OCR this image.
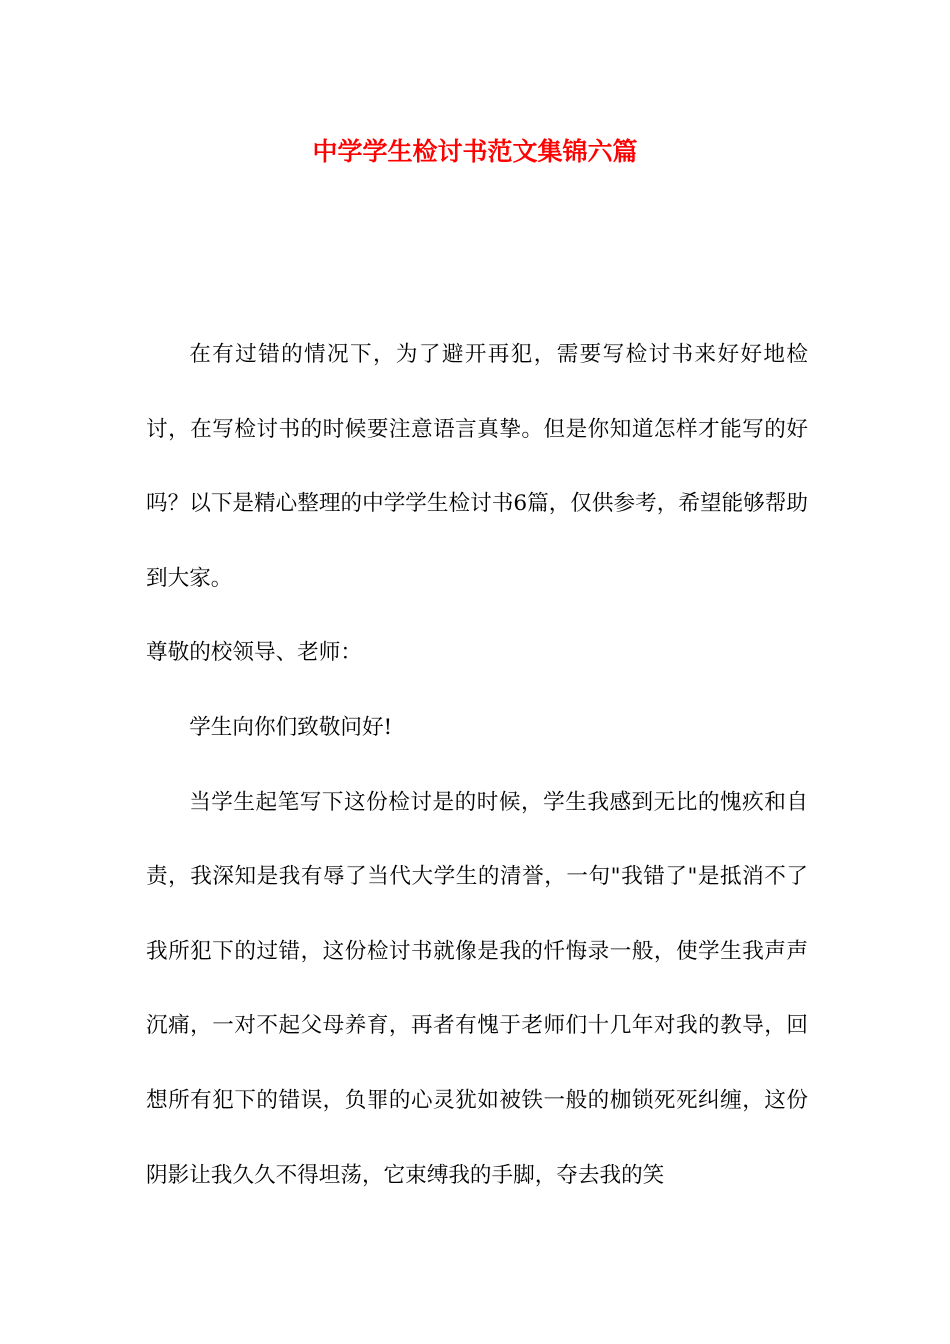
中学学生检讨书范文集锦六篇

在有过错的情况下，为了避开再犯，需要写检讨书来好好地检讨，在写检讨书的时候要注意语言真挚。但是你知道怎样才能写的好吗？以下是精心整理的中学学生检讨书6篇，仅供参考，希望能够帮助到大家。

尊敬的校领导、老师：

学生向你们致敬问好!

当学生起笔写下这份检讨是的时候，学生我感到无比的愧疚和自责，我深知是我有辱了当代大学生的清誉，一句"我错了"是抵消不了我所犯下的过错，这份检讨书就像是我的忏悔录一般，使学生我声声沉痛，一对不起父母养育，再者有愧于老师们十几年对我的教导，回想所有犯下的错误，负罪的心灵犹如被铁一般的枷锁死死纠缠，这份阴影让我久久不得坦荡，它束缚我的手脚，夺去我的笑
